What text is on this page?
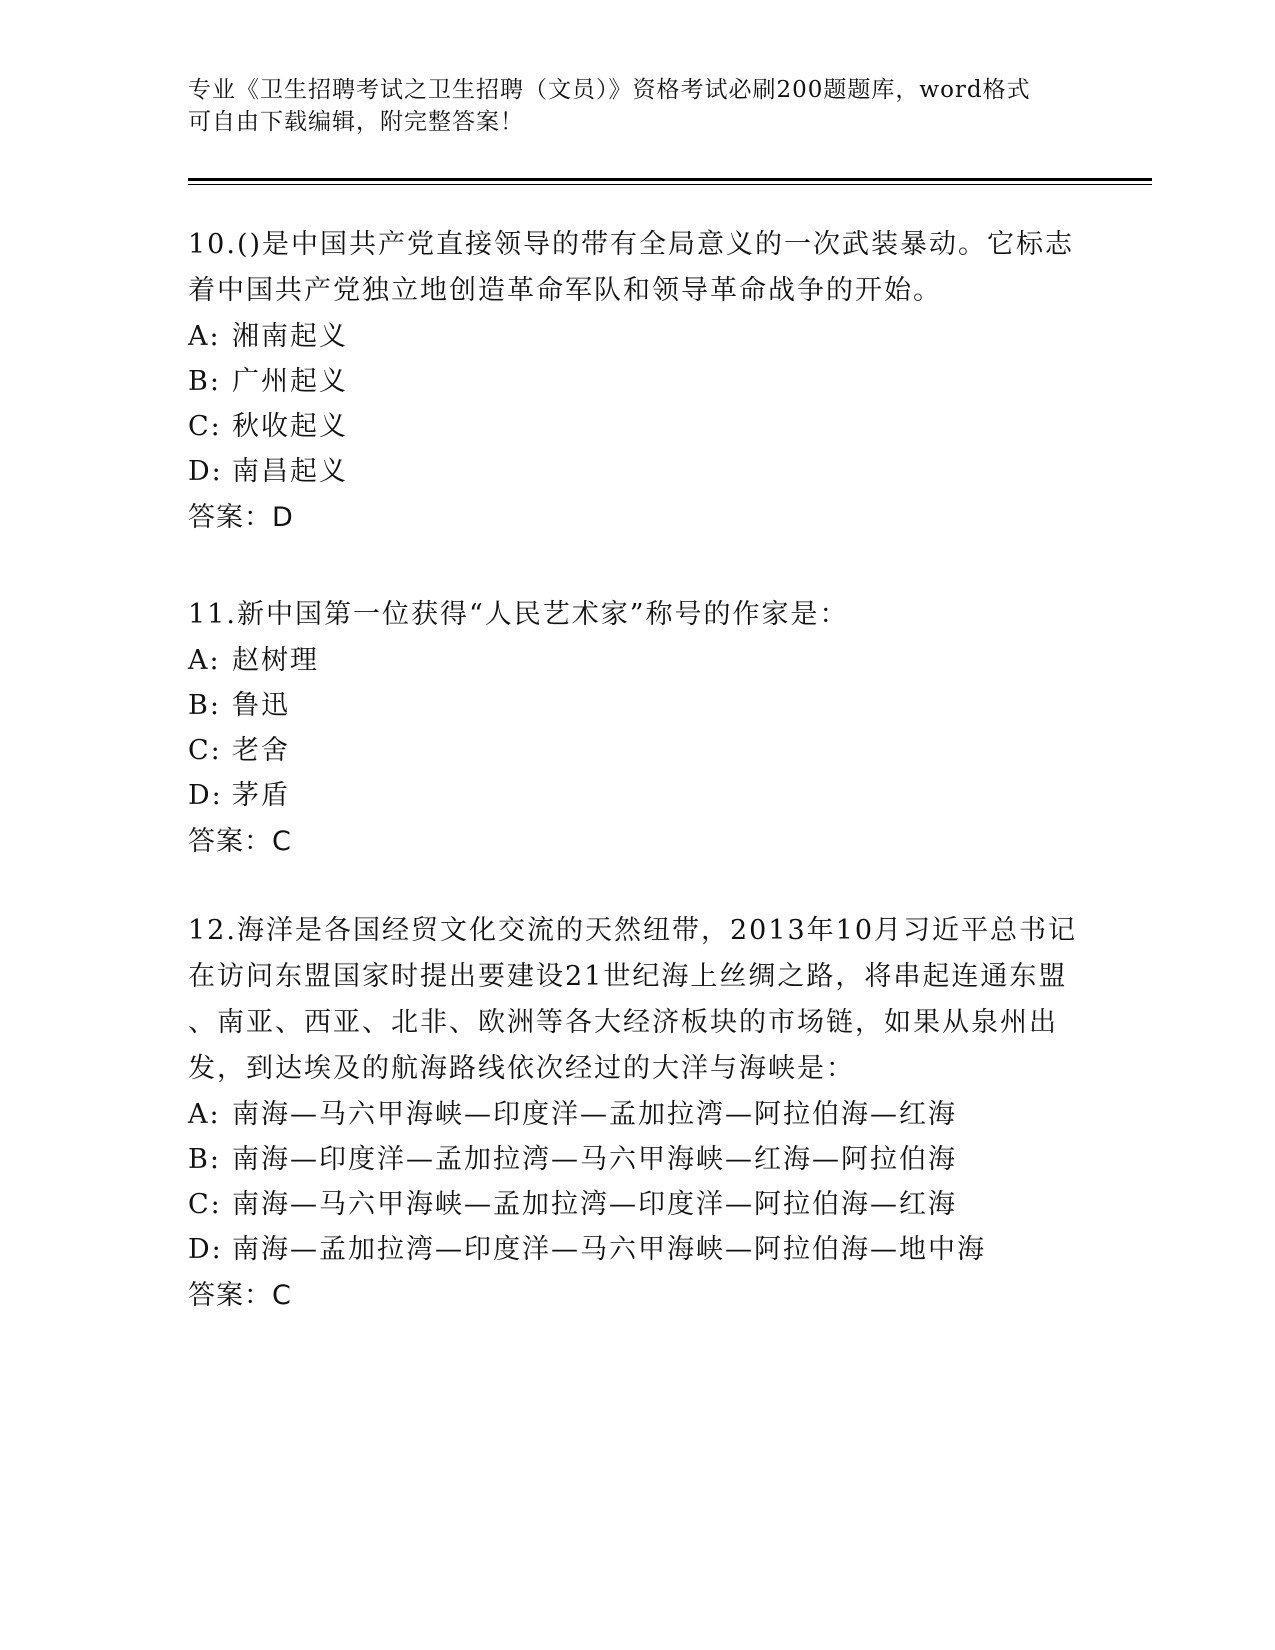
专业《卫生招聘考试之卫生招聘（文员）》资格考试必刷200题题库，word格式
可自由下载编辑，附完整答案！

10.()是中国共产党直接领导的带有全局意义的一次武装暴动。它标志

着中国共产党独立地创造革命军队和领导革命战争的开始。

A: 湘南起义

B: 广州起义

C: 秋收起义

D: 南昌起义

答案：D

11.新中国第一位获得“人民艺术家”称号的作家是：

A: 赵树理

B: 鲁迅

C: 老舍

D: 茅盾

答案：C

12.海洋是各国经贸文化交流的天然纽带，2013年10月习近平总书记

在访问东盟国家时提出要建设21世纪海上丝绸之路，将串起连通东盟

、南亚、西亚、北非、欧洲等各大经济板块的市场链，如果从泉州出

发，到达埃及的航海路线依次经过的大洋与海峡是：

A: 南海—马六甲海峡—印度洋—孟加拉湾—阿拉伯海—红海

B: 南海—印度洋—孟加拉湾—马六甲海峡—红海—阿拉伯海

C: 南海—马六甲海峡—孟加拉湾—印度洋—阿拉伯海—红海

D: 南海—孟加拉湾—印度洋—马六甲海峡—阿拉伯海—地中海

答案：C
